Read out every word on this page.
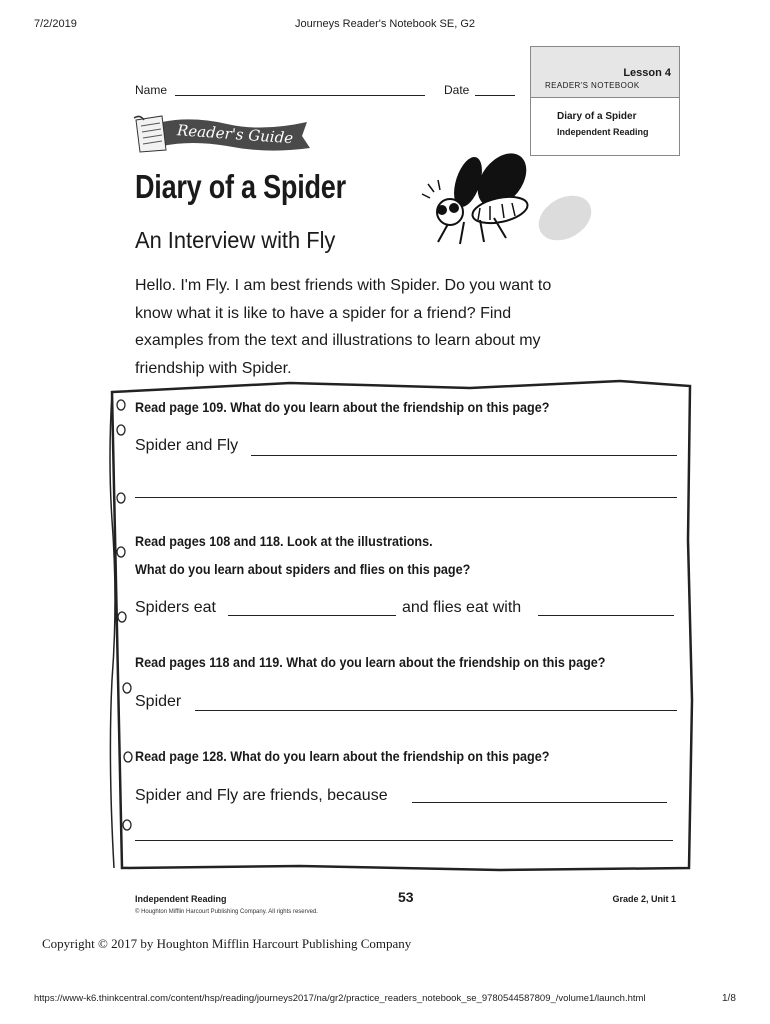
7/2/2019	Journeys Reader's Notebook SE, G2
Lesson 4
READER'S NOTEBOOK
Diary of a Spider
Independent Reading
Name	Date
Reader's Guide
Diary of a Spider
An Interview with Fly
Hello. I'm Fly. I am best friends with Spider. Do you want to know what it is like to have a spider for a friend? Find examples from the text and illustrations to learn about my friendship with Spider.
Read page 109. What do you learn about the friendship on this page?
Spider and Fly
Read pages 108 and 118. Look at the illustrations.
What do you learn about spiders and flies on this page?
Spiders eat	and flies eat with
Read pages 118 and 119. What do you learn about the friendship on this page?
Spider
Read page 128. What do you learn about the friendship on this page?
Spider and Fly are friends, because
Independent Reading	53	Grade 2, Unit 1
© Houghton Mifflin Harcourt Publishing Company. All rights reserved.
Copyright © 2017 by Houghton Mifflin Harcourt Publishing Company
https://www-k6.thinkcentral.com/content/hsp/reading/journeys2017/na/gr2/practice_readers_notebook_se_9780544587809_/volume1/launch.html	1/8
